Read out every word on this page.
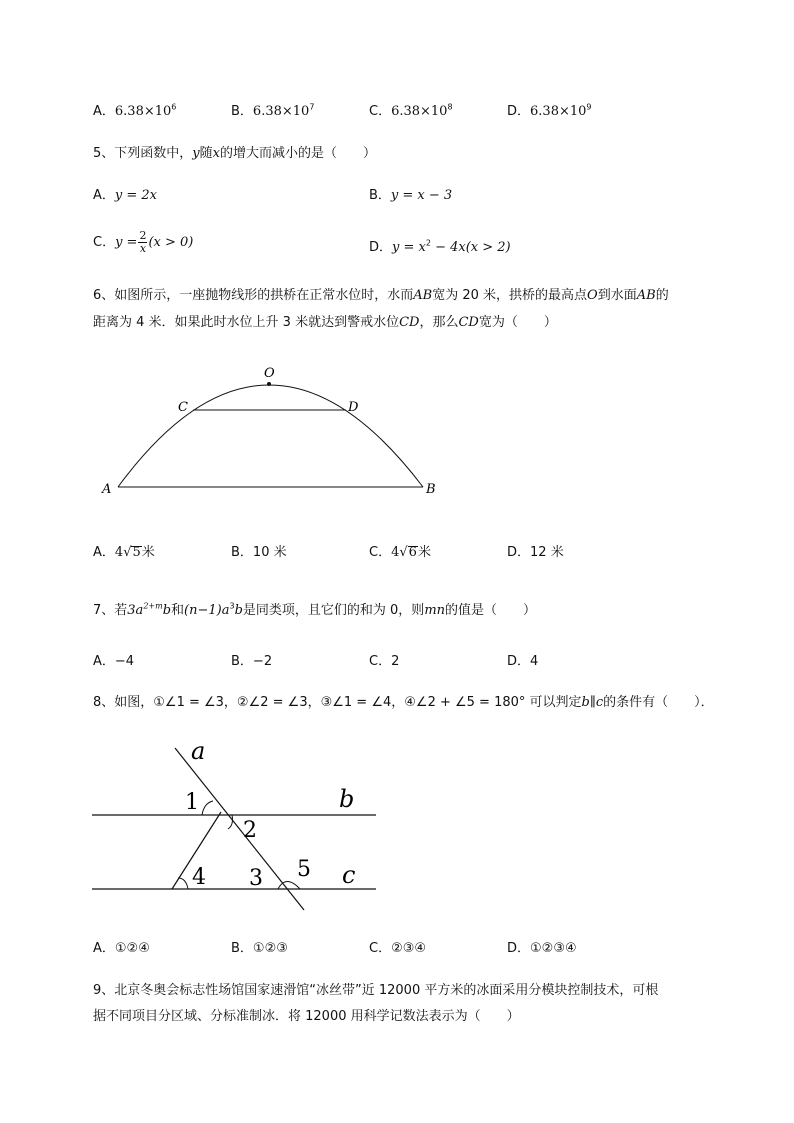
A．$6.38\times 10^6$	B．$6.38\times 10^7$	C．$6.38\times 10^8$	D．$6.38\times 10^9$
5、下列函数中，y随x的增大而减小的是（　　）
A．y = 2x	B．y = x − 3
C．$y = \frac{2}{x} (x > 0)$	D．$y = x^2 - 4x(x > 2)$
6、如图所示，一座抛物线形的拱桥在正常水位时，水而AB宽为 20 米，拱桥的最高点O到水面AB的
距离为 4 米．如果此时水位上升 3 米就达到警戒水位CD，那么CD宽为（　　）
O
C	D
A	B
A．4√5米	B．10 米	C．4√6米	D．12 米
7、若$3a^{2+m}b$和$(n-1)a^3b$是同类项，且它们的和为 0，则mn的值是（　　）
A．−4	B．−2	C．2	D．4
8、如图，①∠1 = ∠3，②∠2 = ∠3，③∠1 = ∠4，④∠2 + ∠5 = 180° 可以判定b∥c的条件有（　　）．
a
b
c
1
2
3
4	5
A．①②④	B．①②③	C．②③④	D．①②③④
9、北京冬奥会标志性场馆国家速滑馆“冰丝带”近 12000 平方米的冰面采用分模块控制技术，可根
据不同项目分区域、分标准制冰．将 12000 用科学记数法表示为（　　）
